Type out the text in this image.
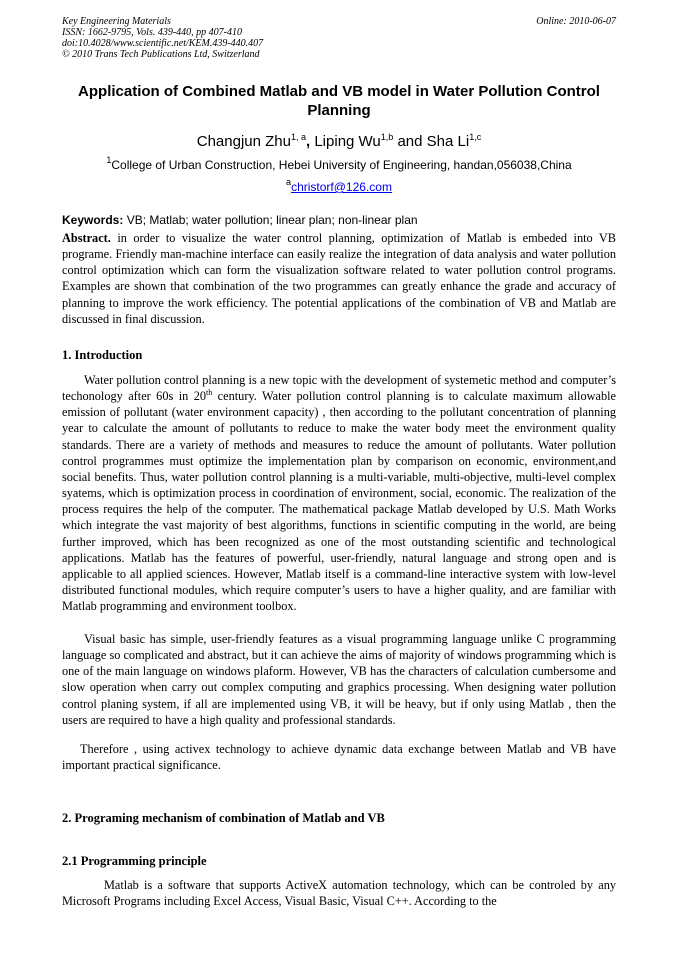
Key Engineering Materials
ISSN: 1662-9795, Vols. 439-440, pp 407-410
doi:10.4028/www.scientific.net/KEM.439-440.407
© 2010 Trans Tech Publications Ltd, Switzerland
Online: 2010-06-07
Application of Combined Matlab and VB model in Water Pollution Control Planning
Changjun Zhu$^{1, a}$, Liping Wu$^{1,b}$ and Sha Li$^{1,c}$
$^1$College of Urban Construction, Hebei University of Engineering, handan,056038,China
$^a$christorf@126.com
Keywords: VB; Matlab; water pollution; linear plan; non-linear plan
Abstract. in order to visualize the water control planning, optimization of Matlab is embeded into VB programe. Friendly man-machine interface can easily realize the integration of data analysis and water pollution control optimization which can form the visualization software related to water pollution control programs. Examples are shown that combination of the two programmes can greatly enhance the grade and accuracy of planning to improve the work efficiency. The potential applications of the combination of VB and Matlab are discussed in final discussion.
1. Introduction
Water pollution control planning is a new topic with the development of systemetic method and computer’s techonology after 60s in 20th century. Water pollution control planning is to calculate maximum allowable emission of pollutant (water environment capacity) , then according to the pollutant concentration of planning year to calculate the amount of pollutants to reduce to make the water body meet the environment quality standards. There are a variety of methods and measures to reduce the amount of pollutants. Water pollution control programmes must optimize the implementation plan by comparison on economic, environment,and social benefits. Thus, water pollution control planning is a multi-variable, multi-objective, multi-level complex syatems, which is optimization process in coordination of environment, social, economic. The realization of the process requires the help of the computer. The mathematical package Matlab developed by U.S. Math Works which integrate the vast majority of best algorithms, functions in scientific computing in the world, are being further improved, which has been recognized as one of the most outstanding scientific and technological applications. Matlab has the features of powerful, user-friendly, natural language and strong open and is applicable to all applied sciences. However, Matlab itself is a command-line interactive system with low-level distributed functional modules, which require computer’s users to have a higher quality, and are familiar with Matlab programming and environment toolbox.
Visual basic has simple, user-friendly features as a visual programming language unlike C programming language so complicated and abstract, but it can achieve the aims of majority of windows programming which is one of the main language on windows plaform. However, VB has the characters of calculation cumbersome and slow operation when carry out complex computing and graphics processing. When designing water pollution control planing system, if all are implemented using VB, it will be heavy, but if only using Matlab , then the users are required to have a high quality and professional standards.
Therefore , using activex technology to achieve dynamic data exchange between Matlab and VB have important practical significance.
2. Programing mechanism of combination of Matlab and VB
2.1 Programming principle
Matlab is a software that supports ActiveX automation technology, which can be controled by any Microsoft Programs including Excel Access, Visual Basic, Visual C++. According to the
